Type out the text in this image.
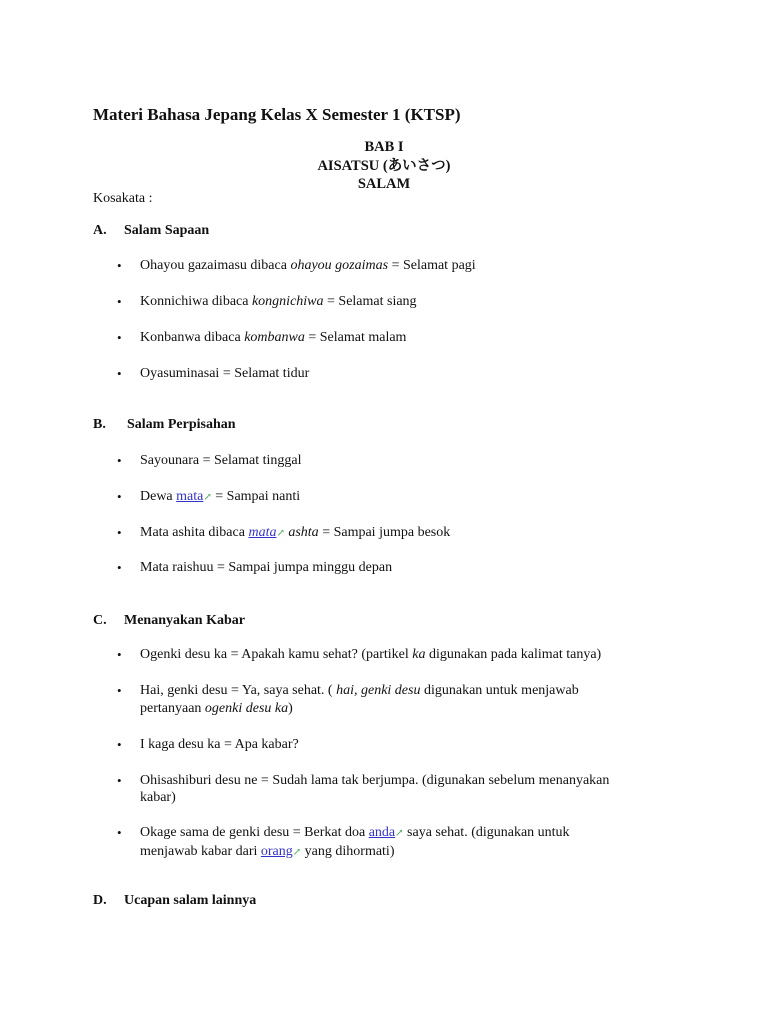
Materi Bahasa Jepang Kelas X Semester 1 (KTSP)
BAB I
AISATSU (あいさつ)
SALAM
Kosakata :
A. Salam Sapaan
• Ohayou gazaimasu dibaca ohayou gozaimas = Selamat pagi
• Konnichiwa dibaca kongnichiwa = Selamat siang
• Konbanwa dibaca kombanwa = Selamat malam
• Oyasuminasai = Selamat tidur
B. Salam Perpisahan
• Sayounara = Selamat tinggal
• Dewa mata↗ = Sampai nanti
• Mata ashita dibaca mata↗ ashta = Sampai jumpa besok
• Mata raishuu = Sampai jumpa minggu depan
C. Menanyakan Kabar
• Ogenki desu ka = Apakah kamu sehat? (partikel ka digunakan pada kalimat tanya)
• Hai, genki desu = Ya, saya sehat. ( hai, genki desu digunakan untuk menjawab
pertanyaan ogenki desu ka)
• I kaga desu ka = Apa kabar?
• Ohisashiburi desu ne = Sudah lama tak berjumpa. (digunakan sebelum menanyakan
kabar)
• Okage sama de genki desu = Berkat doa anda↗ saya sehat. (digunakan untuk
menjawab kabar dari orang↗ yang dihormati)
D. Ucapan salam lainnya
